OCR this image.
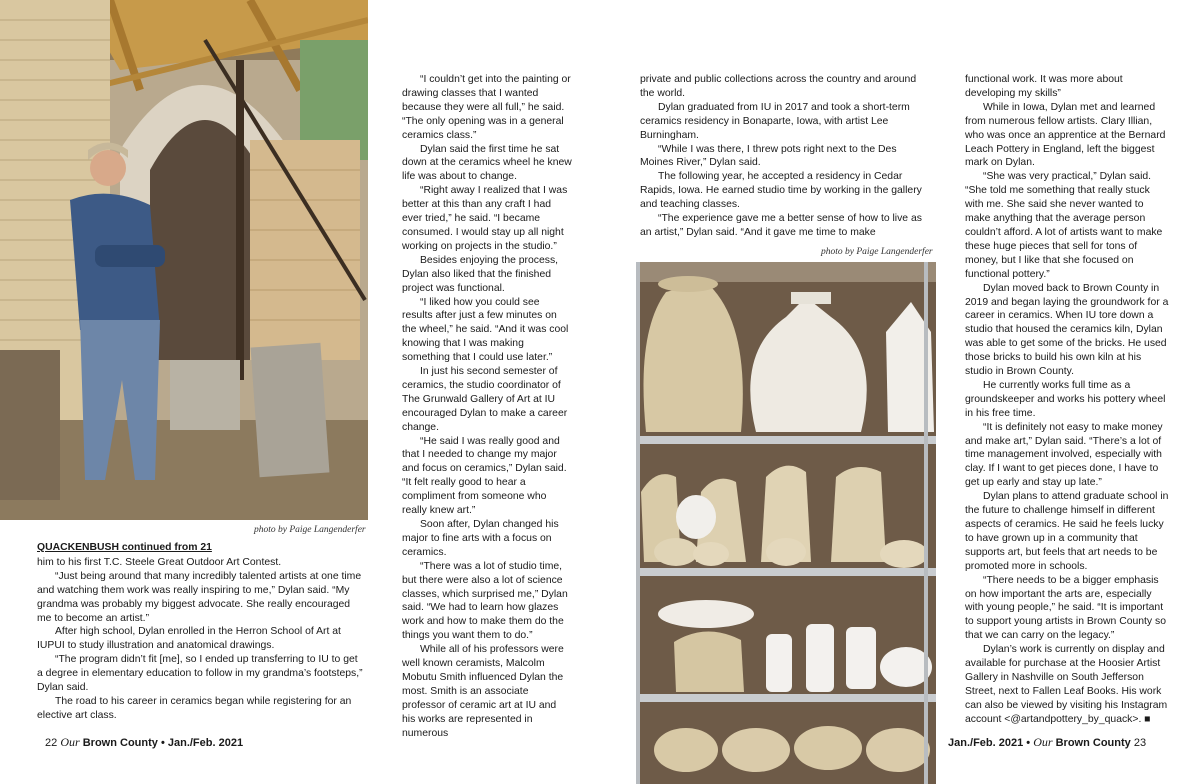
photo by Paige Langenderfer
QUACKENBUSH continued from 21

him to his first T.C. Steele Great Outdoor Art Contest.

“Just being around that many incredibly talented artists at one time and watching them work was really inspiring to me,” Dylan said. “My grandma was probably my biggest advocate. She really encouraged me to become an artist.”

After high school, Dylan enrolled in the Herron School of Art at IUPUI to study illustration and anatomical drawings.

“The program didn’t fit [me], so I ended up transferring to IU to get a degree in elementary education to follow in my grandma’s footsteps,” Dylan said.

The road to his career in ceramics began while registering for an elective art class.

“I couldn’t get into the painting or drawing classes that I wanted because they were all full,” he said. “The only opening was in a general ceramics class.”

Dylan said the first time he sat down at the ceramics wheel he knew life was about to change.

“Right away I realized that I was better at this than any craft I had ever tried,” he said. “I became consumed. I would stay up all night working on projects in the studio.”

Besides enjoying the process, Dylan also liked that the finished project was functional.

“I liked how you could see results after just a few minutes on the wheel,” he said. “And it was cool knowing that I was making something that I could use later.”

In just his second semester of ceramics, the studio coordinator of The Grunwald Gallery of Art at IU encouraged Dylan to make a career change.

“He said I was really good and that I needed to change my major and focus on ceramics,” Dylan said. “It felt really good to hear a compliment from someone who really knew art.”

Soon after, Dylan changed his major to fine arts with a focus on ceramics.

“There was a lot of studio time, but there were also a lot of science classes, which surprised me,” Dylan said. “We had to learn how glazes work and how to make them do the things you want them to do.”

While all of his professors were well known ceramists, Malcolm Mobutu Smith influenced Dylan the most. Smith is an associate professor of ceramic art at IU and his works are represented in numerous

private and public collections across the country and around the world.

Dylan graduated from IU in 2017 and took a short-term ceramics residency in Bonaparte, Iowa, with artist Lee Burningham.

“While I was there, I threw pots right next to the Des Moines River,” Dylan said.

The following year, he accepted a residency in Cedar Rapids, Iowa. He earned studio time by working in the gallery and teaching classes.

“The experience gave me a better sense of how to live as an artist,” Dylan said. “And it gave me time to make

photo by Paige Langenderfer

functional work. It was more about developing my skills”

While in Iowa, Dylan met and learned from numerous fellow artists. Clary Illian, who was once an apprentice at the Bernard Leach Pottery in England, left the biggest mark on Dylan.

“She was very practical,” Dylan said. “She told me something that really stuck with me. She said she never wanted to make anything that the average person couldn’t afford. A lot of artists want to make these huge pieces that sell for tons of money, but I like that she focused on functional pottery.”

Dylan moved back to Brown County in 2019 and began laying the groundwork for a career in ceramics. When IU tore down a studio that housed the ceramics kiln, Dylan was able to get some of the bricks. He used those bricks to build his own kiln at his studio in Brown County.

He currently works full time as a groundskeeper and works his pottery wheel in his free time.

“It is definitely not easy to make money and make art,” Dylan said. “There’s a lot of time management involved, especially with clay. If I want to get pieces done, I have to get up early and stay up late.”

Dylan plans to attend graduate school in the future to challenge himself in different aspects of ceramics. He said he feels lucky to have grown up in a community that supports art, but feels that art needs to be promoted more in schools.

“There needs to be a bigger emphasis on how important the arts are, especially with young people,” he said. “It is important to support young artists in Brown County so that we can carry on the legacy.”

Dylan’s work is currently on display and available for purchase at the Hoosier Artist Gallery in Nashville on South Jefferson Street, next to Fallen Leaf Books. His work can also be viewed by visiting his Instagram account <@artandpottery_by_quack>. ■

22 Our Brown County • Jan./Feb. 2021	Jan./Feb. 2021 • Our Brown County 23
